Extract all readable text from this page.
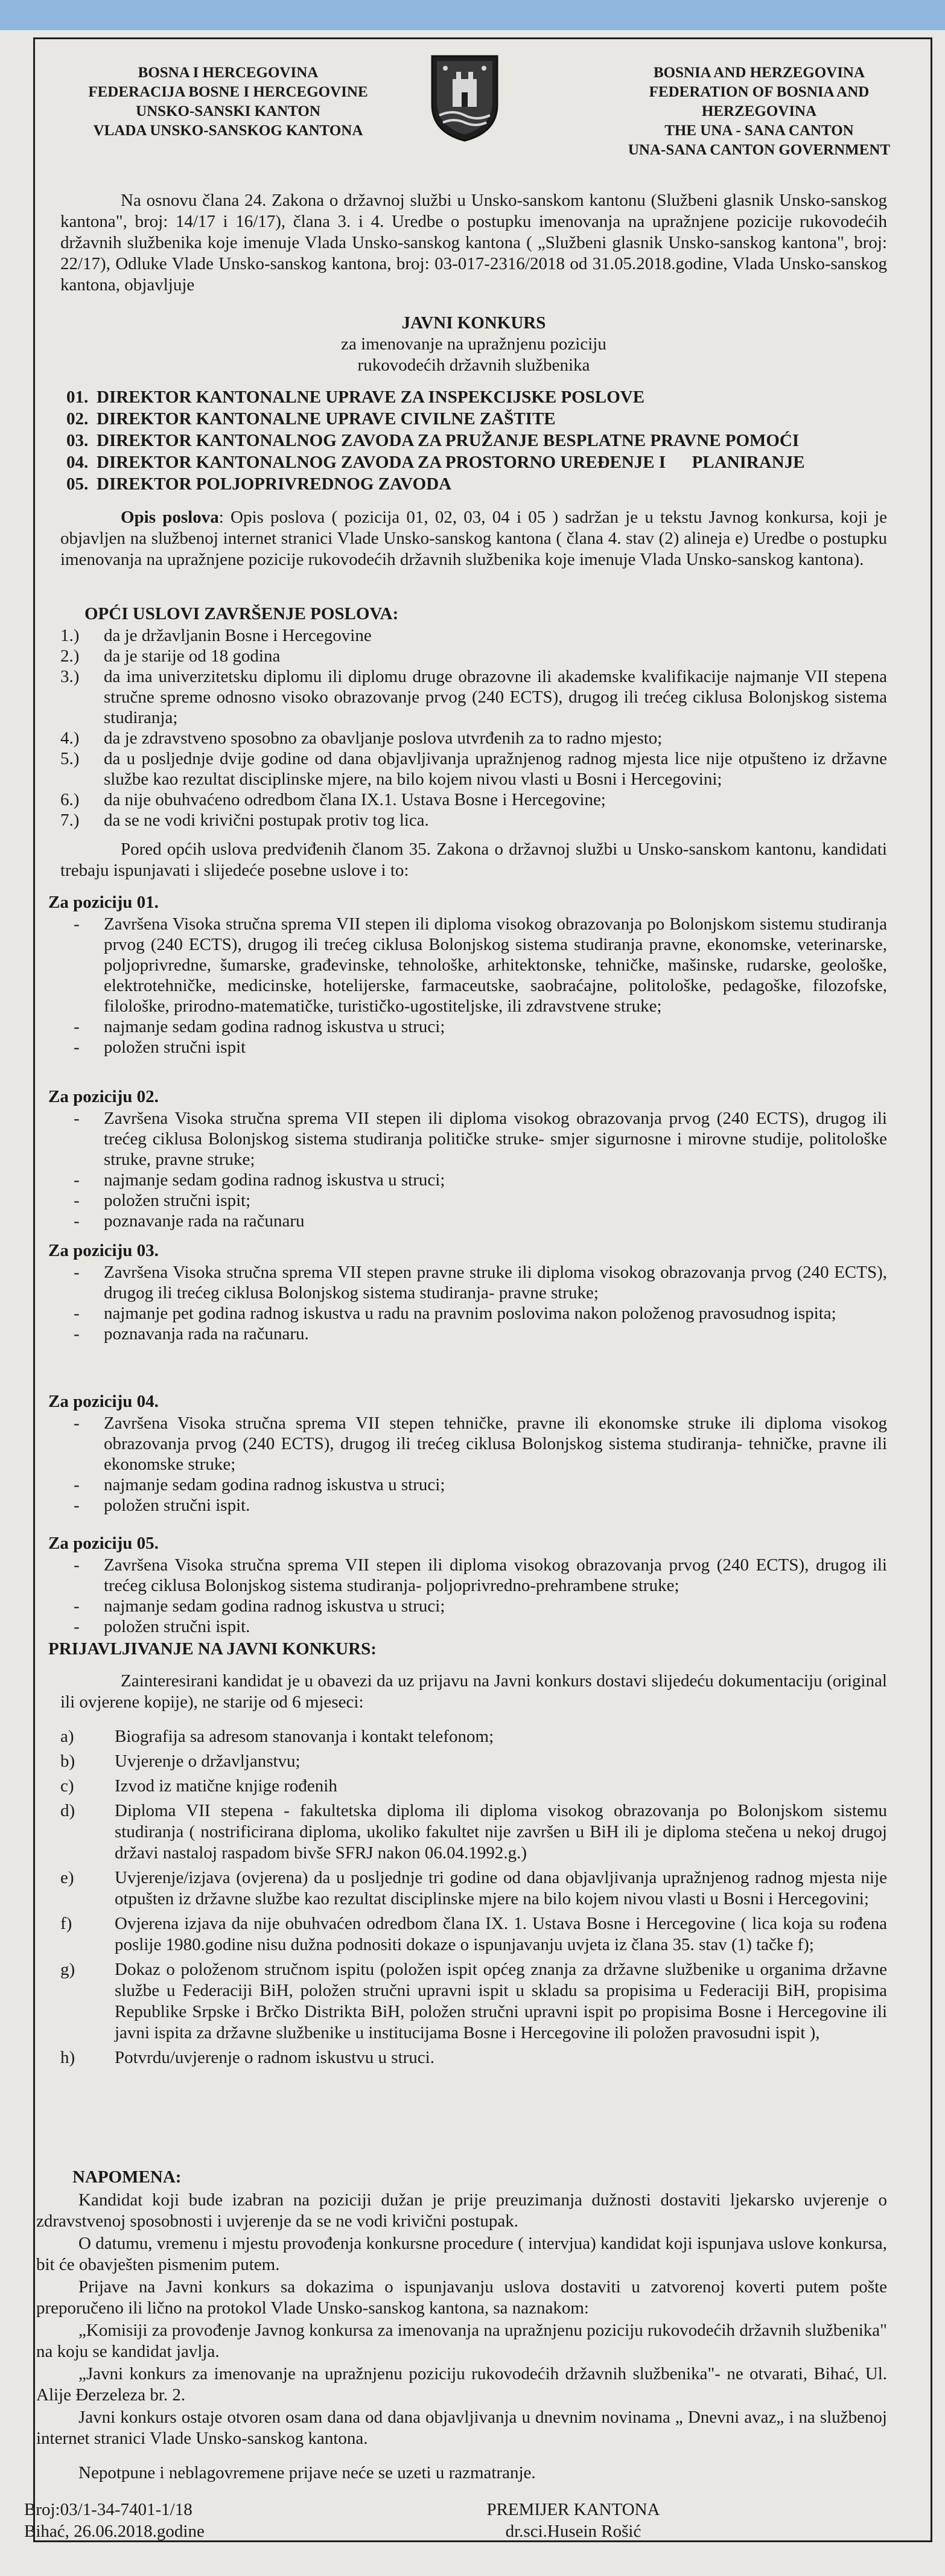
BOSNA I HERCEGOVINA
FEDERACIJA BOSNE I HERCEGOVINE
UNSKO-SANSKI KANTON
VLADA UNSKO-SANSKOG KANTONA
BOSNIA AND HERZEGOVINA
FEDERATION OF BOSNIA AND HERZEGOVINA
THE UNA - SANA CANTON
UNA-SANA CANTON GOVERNMENT

Na osnovu člana 24. Zakona o državnoj službi u Unsko-sanskom kantonu (Službeni glasnik Unsko-sanskog kantona", broj: 14/17 i 16/17), člana 3. i 4. Uredbe o postupku imenovanja na upražnjene pozicije rukovodećih državnih službenika koje imenuje Vlada Unsko-sanskog kantona ( „Službeni glasnik Unsko-sanskog kantona", broj: 22/17), Odluke Vlade Unsko-sanskog kantona, broj: 03-017-2316/2018 od 31.05.2018.godine, Vlada Unsko-sanskog kantona, objavljuje

JAVNI KONKURS

za imenovanje na upražnjenu poziciju

rukovodećih državnih službenika

01. DIREKTOR KANTONALNE UPRAVE ZA INSPEKCIJSKE POSLOVE
02. DIREKTOR KANTONALNE UPRAVE CIVILNE ZAŠTITE
03. DIREKTOR KANTONALNOG ZAVODA ZA PRUŽANJE BESPLATNE PRAVNE POMOĆI
04. DIREKTOR KANTONALNOG ZAVODA ZA PROSTORNO UREĐENJE I      PLANIRANJE
05. DIREKTOR POLJOPRIVREDNOG ZAVODA

Opis poslova: Opis poslova ( pozicija 01, 02, 03, 04 i 05 ) sadržan je u tekstu Javnog konkursa, koji je objavljen na službenoj internet stranici Vlade Unsko-sanskog kantona ( člana 4. stav (2) alineja e) Uredbe o postupku imenovanja na upražnjene pozicije rukovodećih državnih službenika koje imenuje Vlada Unsko-sanskog kantona).

OPĆI USLOVI ZAVRŠENJE POSLOVA:

1.)	da je državljanin Bosne i Hercegovine
2.)	da je starije od 18 godina
3.)	da ima univerzitetsku diplomu ili diplomu druge obrazovne ili akademske kvalifikacije najmanje VII stepena stručne spreme odnosno visoko obrazovanje prvog (240 ECTS), drugog ili trećeg ciklusa Bolonjskog sistema studiranja;
4.)	da je zdravstveno sposobno za obavljanje poslova utvrđenih za to radno mjesto;
5.)	da u posljednje dvije godine od dana objavljivanja upražnjenog radnog mjesta lice nije otpušteno iz državne službe kao rezultat disciplinske mjere, na bilo kojem nivou vlasti u Bosni i Hercegovini;
6.)	da nije obuhvaćeno odredbom člana IX.1. Ustava Bosne i Hercegovine;
7.)	da se ne vodi krivični postupak protiv tog lica.

Pored općih uslova predviđenih članom 35. Zakona o državnoj službi u Unsko-sanskom kantonu, kandidati trebaju ispunjavati i slijedeće posebne uslove i to:

Za poziciju 01.

- Završena Visoka stručna sprema VII stepen ili diploma visokog obrazovanja po Bolonjskom sistemu studiranja prvog (240 ECTS), drugog ili trećeg ciklusa Bolonjskog sistema studiranja pravne, ekonomske, veterinarske, poljoprivredne, šumarske, građevinske, tehnološke, arhitektonske, tehničke, mašinske, rudarske, geološke, elektrotehničke, medicinske, hotelijerske, farmaceutske, saobraćajne, politološke, pedagoške, filozofske, filološke, prirodno-matematičke, turističko-ugostiteljske, ili zdravstvene struke;
- najmanje sedam godina radnog iskustva u struci;
- položen stručni ispit

Za poziciju 02.

- Završena Visoka stručna sprema VII stepen ili diploma visokog obrazovanja prvog (240 ECTS), drugog ili trećeg ciklusa Bolonjskog sistema studiranja političke struke- smjer sigurnosne i mirovne studije, politološke struke, pravne struke;
- najmanje sedam godina radnog iskustva u struci;
- položen stručni ispit;
- poznavanje rada na računaru

Za poziciju 03.

- Završena Visoka stručna sprema VII stepen pravne struke ili diploma visokog obrazovanja prvog (240 ECTS), drugog ili trećeg ciklusa Bolonjskog sistema studiranja- pravne struke;
- najmanje pet godina radnog iskustva u radu na pravnim poslovima nakon položenog pravosudnog ispita;
- poznavanja rada na računaru.

Za poziciju 04.

- Završena Visoka stručna sprema VII stepen tehničke, pravne ili ekonomske struke ili diploma visokog obrazovanja prvog (240 ECTS), drugog ili trećeg ciklusa Bolonjskog sistema studiranja- tehničke, pravne ili ekonomske struke;
- najmanje sedam godina radnog iskustva u struci;
- položen stručni ispit.

Za poziciju 05.

- Završena Visoka stručna sprema VII stepen ili diploma visokog obrazovanja prvog (240 ECTS), drugog ili trećeg ciklusa Bolonjskog sistema studiranja- poljoprivredno-prehrambene struke;
- najmanje sedam godina radnog iskustva u struci;
- položen stručni ispit.

PRIJAVLJIVANJE NA JAVNI KONKURS:

Zainteresirani kandidat je u obavezi da uz prijavu na Javni konkurs dostavi slijedeću dokumentaciju (original ili ovjerene kopije), ne starije od 6 mjeseci:

a) Biografija sa adresom stanovanja i kontakt telefonom;
b) Uvjerenje o državljanstvu;
c) Izvod iz matične knjige rođenih
d) Diploma VII stepena - fakultetska diploma ili diploma visokog obrazovanja po Bolonjskom sistemu studiranja ( nostrificirana diploma, ukoliko fakultet nije završen u BiH ili je diploma stečena u nekoj drugoj državi nastaloj raspadom bivše SFRJ nakon 06.04.1992.g.)
e) Uvjerenje/izjava (ovjerena) da u posljednje tri godine od dana objavljivanja upražnjenog radnog mjesta nije otpušten iz državne službe kao rezultat disciplinske mjere na bilo kojem nivou vlasti u Bosni i Hercegovini;
f) Ovjerena izjava da nije obuhvaćen odredbom člana IX. 1. Ustava Bosne i Hercegovine ( lica koja su rođena poslije 1980.godine nisu dužna podnositi dokaze o ispunjavanju uvjeta iz člana 35. stav (1) tačke f);
g) Dokaz o položenom stručnom ispitu (položen ispit općeg znanja za državne službenike u organima državne službe u Federaciji BiH, položen stručni upravni ispit u skladu sa propisima u Federaciji BiH, propisima Republike Srpske i Brčko Distrikta BiH, položen stručni upravni ispit po propisima Bosne i Hercegovine ili javni ispita za državne službenike u institucijama Bosne i Hercegovine ili položen pravosudni ispit ),
h) Potvrdu/uvjerenje o radnom iskustvu u struci.

NAPOMENA:

Kandidat koji bude izabran na poziciji dužan je prije preuzimanja dužnosti dostaviti ljekarsko uvjerenje o zdravstvenoj sposobnosti i uvjerenje da se ne vodi krivični postupak.

O datumu, vremenu i mjestu provođenja konkursne procedure ( intervjua) kandidat koji ispunjava uslove konkursa, bit će obavješten pismenim putem.

Prijave na Javni konkurs sa dokazima o ispunjavanju uslova dostaviti u zatvorenoj koverti putem pošte preporučeno ili lično na protokol Vlade Unsko-sanskog kantona, sa naznakom:

„Komisiji za provođenje Javnog konkursa za imenovanja na upražnjenu poziciju rukovodećih državnih službenika" na koju se kandidat javlja.

„Javni konkurs za imenovanje na upražnjenu poziciju rukovodećih državnih službenika"- ne otvarati, Bihać, Ul. Alije Đerzeleza br. 2.

Javni konkurs ostaje otvoren osam dana od dana objavljivanja u dnevnim novinama „ Dnevni avaz„ i na službenoj internet stranici Vlade Unsko-sanskog kantona.

Nepotpune i neblagovremene prijave neće se uzeti u razmatranje.

Broj:03/1-34-7401-1/18
Bihać, 26.06.2018.godine
PREMIJER KANTONA
dr.sci.Husein Rošić
